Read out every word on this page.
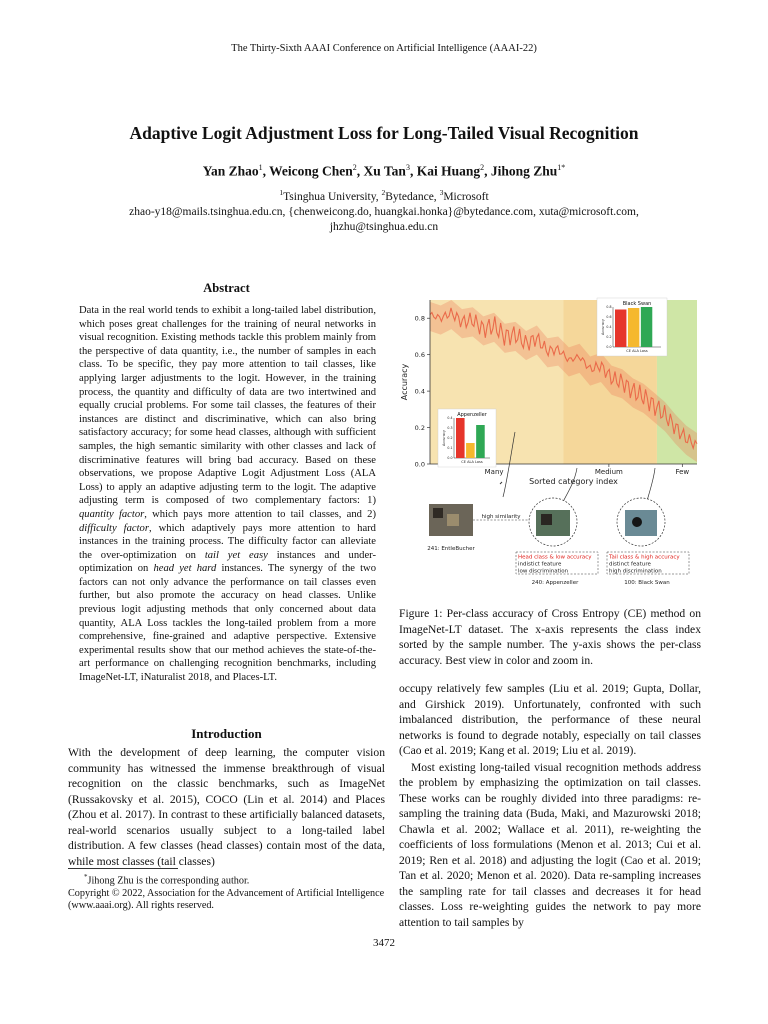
The Thirty-Sixth AAAI Conference on Artificial Intelligence (AAAI-22)
Adaptive Logit Adjustment Loss for Long-Tailed Visual Recognition
Yan Zhao$^1$, Weicong Chen$^2$, Xu Tan$^3$, Kai Huang$^2$, Jihong Zhu$^{1*}$
$^1$Tsinghua University, $^2$Bytedance, $^3$Microsoft
zhao-y18@mails.tsinghua.edu.cn, {chenweicong.do, huangkai.honka}@bytedance.com, xuta@microsoft.com,
jhzhu@tsinghua.edu.cn
Abstract

Data in the real world tends to exhibit a long-tailed label distribution, which poses great challenges for the training of neural networks in visual recognition. Existing methods tackle this problem mainly from the perspective of data quantity, i.e., the number of samples in each class. To be specific, they pay more attention to tail classes, like applying larger adjustments to the logit. However, in the training process, the quantity and difficulty of data are two intertwined and equally crucial problems. For some tail classes, the features of their instances are distinct and discriminative, which can also bring satisfactory accuracy; for some head classes, although with sufficient samples, the high semantic similarity with other classes and lack of discriminative features will bring bad accuracy. Based on these observations, we propose Adaptive Logit Adjustment Loss (ALA Loss) to apply an adaptive adjusting term to the logit. The adaptive adjusting term is composed of two complementary factors: 1) quantity factor, which pays more attention to tail classes, and 2) difficulty factor, which adaptively pays more attention to hard instances in the training process. The difficulty factor can alleviate the over-optimization on tail yet easy instances and under-optimization on head yet hard instances. The synergy of the two factors can not only advance the performance on tail classes even further, but also promote the accuracy on head classes. Unlike previous logit adjusting methods that only concerned about data quantity, ALA Loss tackles the long-tailed problem from a more comprehensive, fine-grained and adaptive perspective. Extensive experimental results show that our method achieves the state-of-the-art performance on challenging recognition benchmarks, including ImageNet-LT, iNaturalist 2018, and Places-LT.

Introduction

With the development of deep learning, the computer vision community has witnessed the immense breakthrough of visual recognition on the classic benchmarks, such as ImageNet (Russakovsky et al. 2015), COCO (Lin et al. 2014) and Places (Zhou et al. 2017). In contrast to these artificially balanced datasets, real-world scenarios usually subject to a long-tailed label distribution. A few classes (head classes) contain most of the data, while most classes (tail classes)

*Jihong Zhu is the corresponding author.

Copyright © 2022, Association for the Advancement of Artificial Intelligence (www.aaai.org). All rights reserved.

0.0
0.2
0.4
0.6
0.8
Many	Medium	Few
Sorted category index
Accuracy
Appenzeller
0.0
0.1
0.2
0.3
0.4
Accuracy
CE ALA Loss
Black Swan
0.0
0.2
0.4
0.6
0.8
Accuracy
CE ALA Loss
241: EntleBucher
high similarity
Head class & low accuracy
indistict feature
low discrimination
Tail class & high accuracy
distinct feature
high discrimination
240: Appenzeller	100: Black Swan
Figure 1: Per-class accuracy of Cross Entropy (CE) method on ImageNet-LT dataset. The x-axis represents the class index sorted by the sample number. The y-axis shows the per-class accuracy. Best view in color and zoom in.

occupy relatively few samples (Liu et al. 2019; Gupta, Dollar, and Girshick 2019). Unfortunately, confronted with such imbalanced distribution, the performance of these neural networks is found to degrade notably, especially on tail classes (Cao et al. 2019; Kang et al. 2019; Liu et al. 2019).

Most existing long-tailed visual recognition methods address the problem by emphasizing the optimization on tail classes. These works can be roughly divided into three paradigms: re-sampling the training data (Buda, Maki, and Mazurowski 2018; Chawla et al. 2002; Wallace et al. 2011), re-weighting the coefficients of loss formulations (Menon et al. 2013; Cui et al. 2019; Ren et al. 2018) and adjusting the logit (Cao et al. 2019; Tan et al. 2020; Menon et al. 2020). Data re-sampling increases the sampling rate for tail classes and decreases it for head classes. Loss re-weighting guides the network to pay more attention to tail samples by

3472
